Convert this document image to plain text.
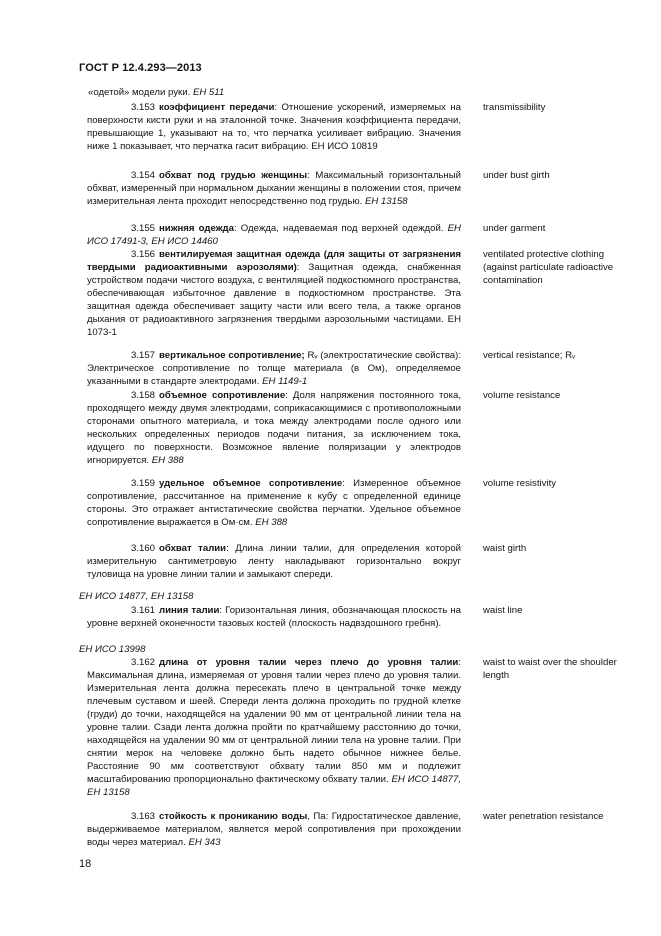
ГОСТ Р 12.4.293—2013
«одетой» модели руки. ЕН 511
3.153 коэффициент передачи: Отношение ускорений, измеряемых на поверхности кисти руки и на эталонной точке. Значения коэффициента передачи, превышающие 1, указывают на то, что перчатка усиливает вибрацию. Значения ниже 1 показывает, что перчатка гасит вибрацию. ЕН ИСО 10819
transmissibility
3.154 обхват под грудью женщины: Максимальный горизонтальный обхват, измеренный при нормальном дыхании женщины в положении стоя, причем измерительная лента проходит непосредственно под грудью. ЕН 13158
under bust girth
3.155 нижняя одежда: Одежда, надеваемая под верхней одеждой. ЕН ИСО 17491-3, ЕН ИСО 14460
under garment
3.156 вентилируемая защитная одежда (для защиты от загрязнения твердыми радиоактивными аэрозолями): Защитная одежда, снабженная устройством подачи чистого воздуха, с вентиляцией подкостюмного пространства, обеспечивающая избыточное давление в подкостюмном пространстве. Эта защитная одежда обеспечивает защиту части или всего тела, а также органов дыхания от радиоактивного загрязнения твердыми аэрозольными частицами. ЕН 1073-1
ventilated protective clothing (against particulate radioactive contamination
3.157 вертикальное сопротивление; Rᵥ (электростатические свойства): Электрическое сопротивление по толще материала (в Ом), определяемое указанными в стандарте электродами. ЕН 1149-1
vertical resistance; Rᵥ
3.158 объемное сопротивление: Доля напряжения постоянного тока, проходящего между двумя электродами, соприкасающимися с противоположными сторонами опытного материала, и тока между электродами после одного или нескольких определенных периодов подачи питания, за исключением тока, идущего по поверхности. Возможное явление поляризации у электродов игнорируется. ЕН 388
volume resistance
3.159 удельное объемное сопротивление: Измеренное объемное сопротивление, рассчитанное на применение к кубу с определенной единице стороны. Это отражает антистатические свойства перчатки. Удельное объемное сопротивление выражается в Ом·см. ЕН 388
volume resistivity
3.160 обхват талии: Длина линии талии, для определения которой измерительную сантиметровую ленту накладывают горизонтально вокруг туловища на уровне линии талии и замыкают спереди.
ЕН ИСО 14877, ЕН 13158
waist girth
3.161 линия талии: Горизонтальная линия, обозначающая плоскость на уровне верхней оконечности тазовых костей (плоскость надвздошного гребня).
ЕН ИСО 13998
waist line
3.162 длина от уровня талии через плечо до уровня талии: Максимальная длина, измеряемая от уровня талии через плечо до уровня талии. Измерительная лента должна пересекать плечо в центральной точке между плечевым суставом и шеей. Спереди лента должна проходить по грудной клетке (груди) до точки, находящейся на удалении 90 мм от центральной линии тела на уровне талии. Сзади лента должна пройти по кратчайшему расстоянию до точки, находящейся на удалении 90 мм от центральной линии тела на уровне талии. При снятии мерок на человеке должно быть надето обычное нижнее белье. Расстояние 90 мм соответствуют обхвату талии 850 мм и подлежит масштабированию пропорционально фактическому обхвату талии. ЕН ИСО 14877, ЕН 13158
waist to waist over the shoulder length
3.163 стойкость к прониканию воды, Па: Гидростатическое давление, выдерживаемое материалом, является мерой сопротивления при прохождении воды через материал. ЕН 343
water penetration resistance
18
